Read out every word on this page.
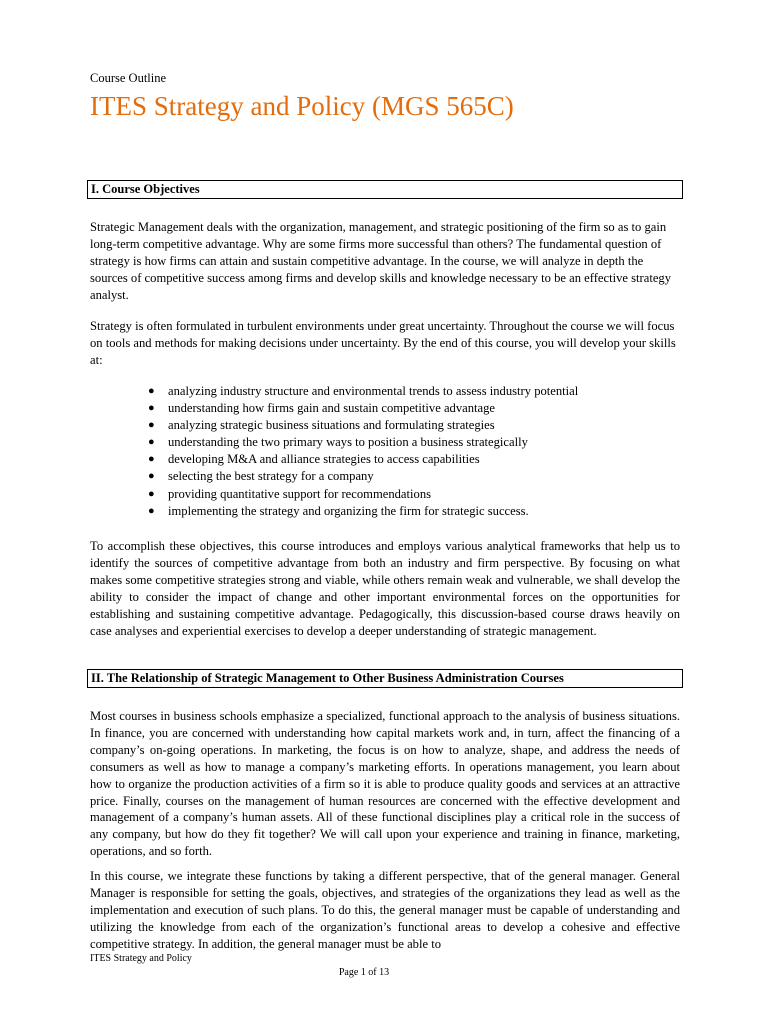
Course Outline
ITES Strategy and Policy (MGS 565C)
I. Course Objectives

Strategic Management deals with the organization, management, and strategic positioning of the firm so as to gain long-term competitive advantage. Why are some firms more successful than others? The fundamental question of strategy is how firms can attain and sustain competitive advantage. In the course, we will analyze in depth the sources of competitive success among firms and develop skills and knowledge necessary to be an effective strategy analyst.

Strategy is often formulated in turbulent environments under great uncertainty. Throughout the course we will focus on tools and methods for making decisions under uncertainty. By the end of this course, you will develop your skills at:

● analyzing industry structure and environmental trends to assess industry potential
● understanding how firms gain and sustain competitive advantage
● analyzing strategic business situations and formulating strategies
● understanding the two primary ways to position a business strategically
● developing M&A and alliance strategies to access capabilities
● selecting the best strategy for a company
● providing quantitative support for recommendations
● implementing the strategy and organizing the firm for strategic success.

To accomplish these objectives, this course introduces and employs various analytical frameworks that help us to identify the sources of competitive advantage from both an industry and firm perspective. By focusing on what makes some competitive strategies strong and viable, while others remain weak and vulnerable, we shall develop the ability to consider the impact of change and other important environmental forces on the opportunities for establishing and sustaining competitive advantage. Pedagogically, this discussion-based course draws heavily on case analyses and experiential exercises to develop a deeper understanding of strategic management.

II. The Relationship of Strategic Management to Other Business Administration Courses

Most courses in business schools emphasize a specialized, functional approach to the analysis of business situations. In finance, you are concerned with understanding how capital markets work and, in turn, affect the financing of a company’s on-going operations. In marketing, the focus is on how to analyze, shape, and address the needs of consumers as well as how to manage a company’s marketing efforts. In operations management, you learn about how to organize the production activities of a firm so it is able to produce quality goods and services at an attractive price. Finally, courses on the management of human resources are concerned with the effective development and management of a company’s human assets. All of these functional disciplines play a critical role in the success of any company, but how do they fit together? We will call upon your experience and training in finance, marketing, operations, and so forth.

In this course, we integrate these functions by taking a different perspective, that of the general manager. General Manager is responsible for setting the goals, objectives, and strategies of the organizations they lead as well as the implementation and execution of such plans. To do this, the general manager must be capable of understanding and utilizing the knowledge from each of the organization’s functional areas to develop a cohesive and effective competitive strategy. In addition, the general manager must be able to

ITES Strategy and Policy
Page 1 of 13
